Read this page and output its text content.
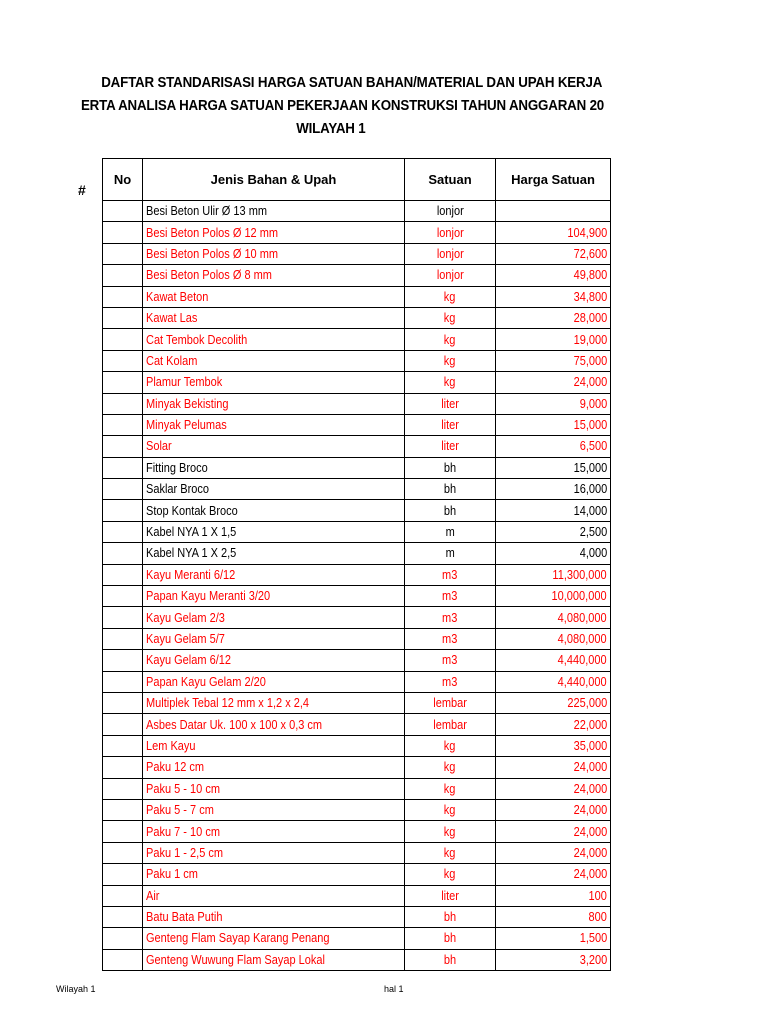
DAFTAR STANDARISASI HARGA SATUAN BAHAN/MATERIAL DAN UPAH KERJA
ERTA ANALISA HARGA SATUAN PEKERJAAN KONSTRUKSI TAHUN ANGGARAN 20
WILAYAH 1
#
No	Jenis Bahan & Upah	Satuan	Harga Satuan
	Besi Beton Ulir Ø 13 mm	lonjor	
	Besi Beton Polos Ø 12 mm	lonjor	104,900
	Besi Beton Polos Ø 10 mm	lonjor	72,600
	Besi Beton Polos Ø 8 mm	lonjor	49,800
	Kawat Beton	kg	34,800
	Kawat Las	kg	28,000
	Cat Tembok Decolith	kg	19,000
	Cat Kolam	kg	75,000
	Plamur Tembok	kg	24,000
	Minyak Bekisting	liter	9,000
	Minyak Pelumas	liter	15,000
	Solar	liter	6,500
	Fitting Broco	bh	15,000
	Saklar Broco	bh	16,000
	Stop Kontak Broco	bh	14,000
	Kabel NYA 1 X 1,5	m	2,500
	Kabel NYA 1 X 2,5	m	4,000
	Kayu Meranti 6/12	m3	11,300,000
	Papan Kayu Meranti 3/20	m3	10,000,000
	Kayu Gelam 2/3	m3	4,080,000
	Kayu Gelam 5/7	m3	4,080,000
	Kayu Gelam 6/12	m3	4,440,000
	Papan Kayu Gelam 2/20	m3	4,440,000
	Multiplek Tebal 12 mm x 1,2 x 2,4	lembar	225,000
	Asbes Datar Uk. 100 x 100 x 0,3 cm	lembar	22,000
	Lem Kayu	kg	35,000
	Paku 12 cm	kg	24,000
	Paku 5 - 10 cm	kg	24,000
	Paku 5 - 7 cm	kg	24,000
	Paku 7 - 10 cm	kg	24,000
	Paku 1 - 2,5 cm	kg	24,000
	Paku 1 cm	kg	24,000
	Air	liter	100
	Batu Bata Putih	bh	800
	Genteng Flam Sayap Karang Penang	bh	1,500
	Genteng Wuwung Flam Sayap Lokal	bh	3,200
Wilayah 1	hal 1
